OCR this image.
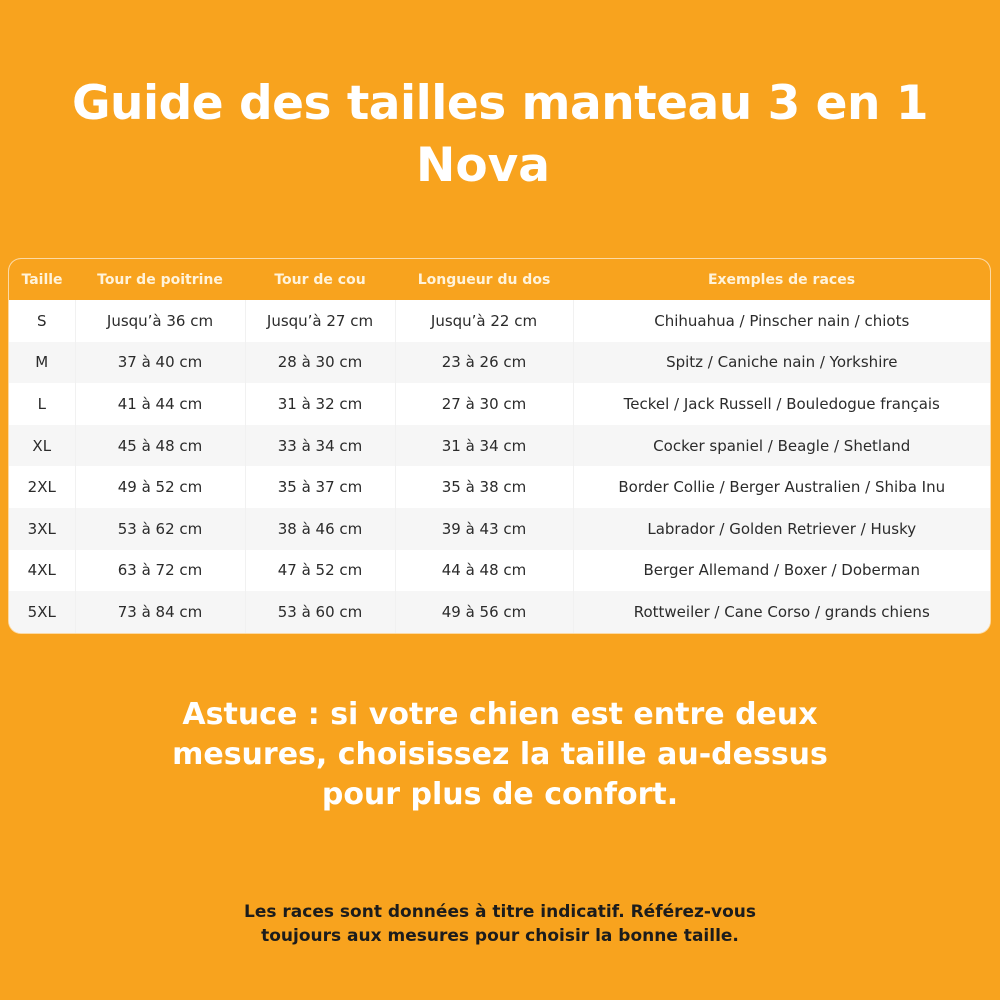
Guide des tailles manteau 3 en 1
Nova
Taille	Tour de poitrine	Tour de cou	Longueur du dos	Exemples de races
S	Jusqu’à 36 cm	Jusqu’à 27 cm	Jusqu’à 22 cm	Chihuahua / Pinscher nain / chiots
M	37 à 40 cm	28 à 30 cm	23 à 26 cm	Spitz / Caniche nain / Yorkshire
L	41 à 44 cm	31 à 32 cm	27 à 30 cm	Teckel / Jack Russell / Bouledogue français
XL	45 à 48 cm	33 à 34 cm	31 à 34 cm	Cocker spaniel / Beagle / Shetland
2XL	49 à 52 cm	35 à 37 cm	35 à 38 cm	Border Collie / Berger Australien / Shiba Inu
3XL	53 à 62 cm	38 à 46 cm	39 à 43 cm	Labrador / Golden Retriever / Husky
4XL	63 à 72 cm	47 à 52 cm	44 à 48 cm	Berger Allemand / Boxer / Doberman
5XL	73 à 84 cm	53 à 60 cm	49 à 56 cm	Rottweiler / Cane Corso / grands chiens
Astuce : si votre chien est entre deux
mesures, choisissez la taille au-dessus
pour plus de confort.
Les races sont données à titre indicatif. Référez-vous
toujours aux mesures pour choisir la bonne taille.
